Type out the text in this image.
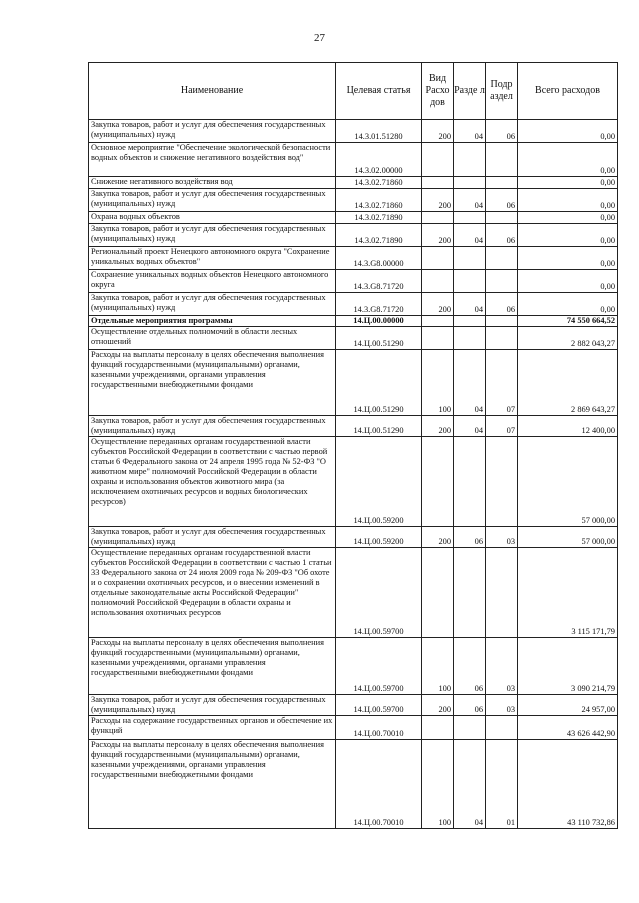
27
Наименование	Целевая статья	Вид Расхо дов	Разде л	Подр аздел	Всего расходов
Закупка товаров, работ и услуг для обеспечения государственных (муниципальных) нужд	14.3.01.51280	200	04	06	0,00
Основное мероприятие "Обеспечение экологической безопасности водных объектов и снижение негативного воздействия вод"	14.3.02.00000				0,00
Снижение негативного воздействия вод	14.3.02.71860				0,00
Закупка товаров, работ и услуг для обеспечения государственных (муниципальных) нужд	14.3.02.71860	200	04	06	0,00
Охрана водных объектов	14.3.02.71890				0,00
Закупка товаров, работ и услуг для обеспечения государственных (муниципальных) нужд	14.3.02.71890	200	04	06	0,00
Региональный проект Ненецкого автономного округа "Сохранение уникальных водных объектов"	14.3.G8.00000				0,00
Сохранение уникальных водных объектов Ненецкого автономного округа	14.3.G8.71720				0,00
Закупка товаров, работ и услуг для обеспечения государственных (муниципальных) нужд	14.3.G8.71720	200	04	06	0,00
Отдельные мероприятия программы	14.Ц.00.00000				74 550 664,52
Осуществление отдельных полномочий в области лесных отношений	14.Ц.00.51290				2 882 043,27
Расходы на выплаты персоналу в целях обеспечения выполнения функций государственными (муниципальными) органами, казенными учреждениями, органами управления государственными внебюджетными фондами	14.Ц.00.51290	100	04	07	2 869 643,27
Закупка товаров, работ и услуг для обеспечения государственных (муниципальных) нужд	14.Ц.00.51290	200	04	07	12 400,00
Осуществление переданных органам государственной власти субъектов Российской Федерации в соответствии с частью первой статьи 6 Федерального закона от 24 апреля 1995 года № 52-ФЗ "О животном мире" полномочий Российской Федерации в области охраны и использования объектов животного мира (за исключением охотничьих ресурсов и водных биологических ресурсов)	14.Ц.00.59200				57 000,00
Закупка товаров, работ и услуг для обеспечения государственных (муниципальных) нужд	14.Ц.00.59200	200	06	03	57 000,00
Осуществление переданных органам государственной власти субъектов Российской Федерации в соответствии с частью 1 статьи 33 Федерального закона от 24 июля 2009 года № 209-ФЗ "Об охоте и о сохранении охотничьих ресурсов, и о внесении изменений в отдельные законодательные акты Российской Федерации" полномочий Российской Федерации в области охраны и использования охотничьих ресурсов	14.Ц.00.59700				3 115 171,79
Расходы на выплаты персоналу в целях обеспечения выполнения функций государственными (муниципальными) органами, казенными учреждениями, органами управления государственными внебюджетными фондами	14.Ц.00.59700	100	06	03	3 090 214,79
Закупка товаров, работ и услуг для обеспечения государственных (муниципальных) нужд	14.Ц.00.59700	200	06	03	24 957,00
Расходы на содержание государственных органов и обеспечение их функций	14.Ц.00.70010				43 626 442,90
Расходы на выплаты персоналу в целях обеспечения выполнения функций государственными (муниципальными) органами, казенными учреждениями, органами управления государственными внебюджетными фондами	14.Ц.00.70010	100	04	01	43 110 732,86
